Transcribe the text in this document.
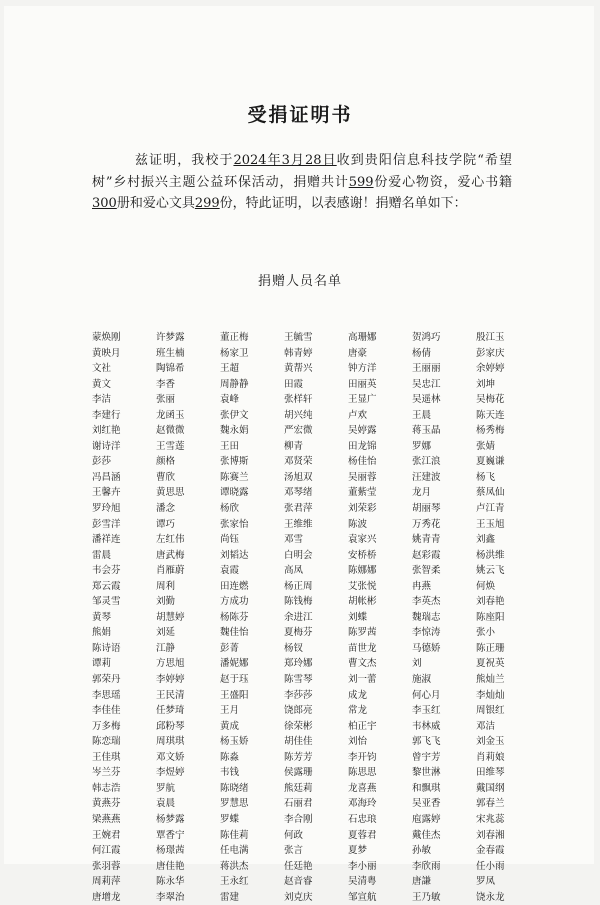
受捐证明书
兹证明，我校于2024年3月28日收到贵阳信息科技学院“希望树”乡村振兴主题公益环保活动，捐赠共计599份爱心物资，爱心书籍300册和爱心文具299份，特此证明，以表感谢！捐赠名单如下：
捐赠人员名单
蒙焕刚	许梦露	董正梅	王毓雪	高珊娜	贺鸿巧	殷江玉
黄映月	班生楠	杨家卫	韩青婷	唐豪	杨倩	彭家庆
文社	陶锦希	王超	黄帮兴	钟方洋	王丽丽	余婷婷
黄文	李香	周静静	田霞	田丽英	吴忠江	刘坤
李洁	张丽	袁峰	张样轩	王显广	吴遥林	吴梅花
李建行	龙函玉	张伊文	胡兴纯	卢欢	王晨	陈天连
刘红艳	赵微微	魏永娟	严宏微	吴婷露	蒋玉晶	杨秀梅
谢诗洋	王雪莲	王田	柳青	田龙锦	罗娜	张婧
彭莎	颜格	张博斯	邓贤荣	杨佳怡	张江浪	夏巍谦
冯昌涵	曹欣	陈赛兰	汤旭双	吴丽蓉	汪建波	杨飞
王馨卉	黄思思	谭晓露	邓琴绪	董紫莹	龙月	蔡凤仙
罗玲旭	潘念	杨欣	张君萍	刘荣彩	胡丽琴	卢江青
彭雪洋	谭巧	张家怡	王维维	陈波	万秀花	王玉旭
潘祥连	左红伟	尚钰	邓雪	袁家兴	姚青青	刘鑫
雷晨	唐武梅	刘韬达	白明会	安桥桥	赵彩霞	杨洪维
韦会芬	肖雁蔚	袁霞	高凤	陈娜娜	张智柔	姚云飞
郑云霞	周利	田连燃	杨正周	艾张悦	冉燕	何焕
邹灵雪	刘勤	方成功	陈钱梅	胡帐彬	李英杰	刘春艳
黄琴	胡慧婷	杨陈芬	余进江	刘蝶	魏瑞志	陈座阳
熊娟	刘延	魏佳怡	夏梅芬	陈罗茜	李惊涛	张小
陈诗语	江静	彭菁	杨钗	苗世龙	马德娇	陈正珊
谭莉	方思旭	潘妮娜	郑玲娜	曹文杰	刘	夏祝英
郭荣丹	李婷婷	赵于珏	陈雪琴	刘一蕾	施淑	熊灿兰
李思瑶	王民清	王盛阳	李莎莎	成龙	何心月	李灿灿
李佳佳	任梦琦	王月	饶郎亮	常龙	李玉红	周银红
万多梅	邱粉琴	黄成	徐荣彬	柏正宇	韦林威	邓洁
陈恋瑞	周琪琪	杨玉娇	胡佳佳	刘怡	郭飞飞	刘金玉
王佳琪	邓文娇	陈淼	陈芳芳	李开钧	曾宇芳	肖莉娘
岑兰芬	李煜婷	韦钱	侯露珊	陈思思	黎世淋	田维琴
韩志浩	罗航	陈晓绪	熊廷莉	龙喜燕	和飘琪	戴国纲
黄燕芬	袁晨	罗慧思	石丽君	邓海玲	吴亚香	郭春兰
梁燕燕	杨梦露	罗蝶	李合刚	石忠琅	庖露婷	宋兆蕊
王婉君	覃香宁	陈佳莉	何政	夏蓉君	戴佳杰	刘春湘
何江霞	杨璟茜	任电满	张言	夏梦	孙敏	金春霞
张羽蓉	唐佳艳	蒋洪杰	任廷艳	李小丽	李欣雨	任小雨
周莉萍	陈永华	王永红	赵音睿	吴清粤	唐謙	罗凤
唐增龙	李翠治	雷建	刘克庆	邹宣航	王乃敏	饶永龙
